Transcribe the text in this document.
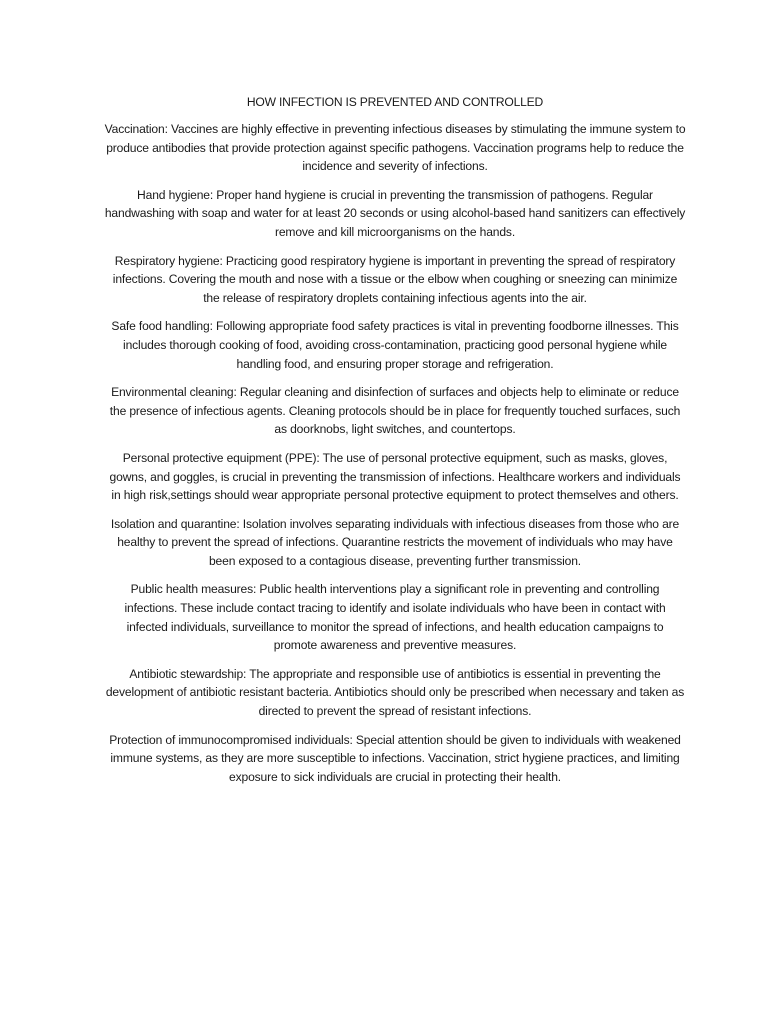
HOW INFECTION IS PREVENTED AND CONTROLLED

Vaccination: Vaccines are highly effective in preventing infectious diseases by stimulating the immune system to produce antibodies that provide protection against specific pathogens. Vaccination programs help to reduce the incidence and severity of infections.

Hand hygiene: Proper hand hygiene is crucial in preventing the transmission of pathogens. Regular handwashing with soap and water for at least 20 seconds or using alcohol-based hand sanitizers can effectively remove and kill microorganisms on the hands.

Respiratory hygiene: Practicing good respiratory hygiene is important in preventing the spread of respiratory infections. Covering the mouth and nose with a tissue or the elbow when coughing or sneezing can minimize the release of respiratory droplets containing infectious agents into the air.

Safe food handling: Following appropriate food safety practices is vital in preventing foodborne illnesses. This includes thorough cooking of food, avoiding cross-contamination, practicing good personal hygiene while handling food, and ensuring proper storage and refrigeration.

Environmental cleaning: Regular cleaning and disinfection of surfaces and objects help to eliminate or reduce the presence of infectious agents. Cleaning protocols should be in place for frequently touched surfaces, such as doorknobs, light switches, and countertops.

Personal protective equipment (PPE): The use of personal protective equipment, such as masks, gloves, gowns, and goggles, is crucial in preventing the transmission of infections. Healthcare workers and individuals in high risk,settings should wear appropriate personal protective equipment to protect themselves and others.

Isolation and quarantine: Isolation involves separating individuals with infectious diseases from those who are healthy to prevent the spread of infections. Quarantine restricts the movement of individuals who may have been exposed to a contagious disease, preventing further transmission.

Public health measures: Public health interventions play a significant role in preventing and controlling infections. These include contact tracing to identify and isolate individuals who have been in contact with infected individuals, surveillance to monitor the spread of infections, and health education campaigns to promote awareness and preventive measures.

Antibiotic stewardship: The appropriate and responsible use of antibiotics is essential in preventing the development of antibiotic resistant bacteria. Antibiotics should only be prescribed when necessary and taken as directed to prevent the spread of resistant infections.

Protection of immunocompromised individuals: Special attention should be given to individuals with weakened immune systems, as they are more susceptible to infections. Vaccination, strict hygiene practices, and limiting exposure to sick individuals are crucial in protecting their health.
